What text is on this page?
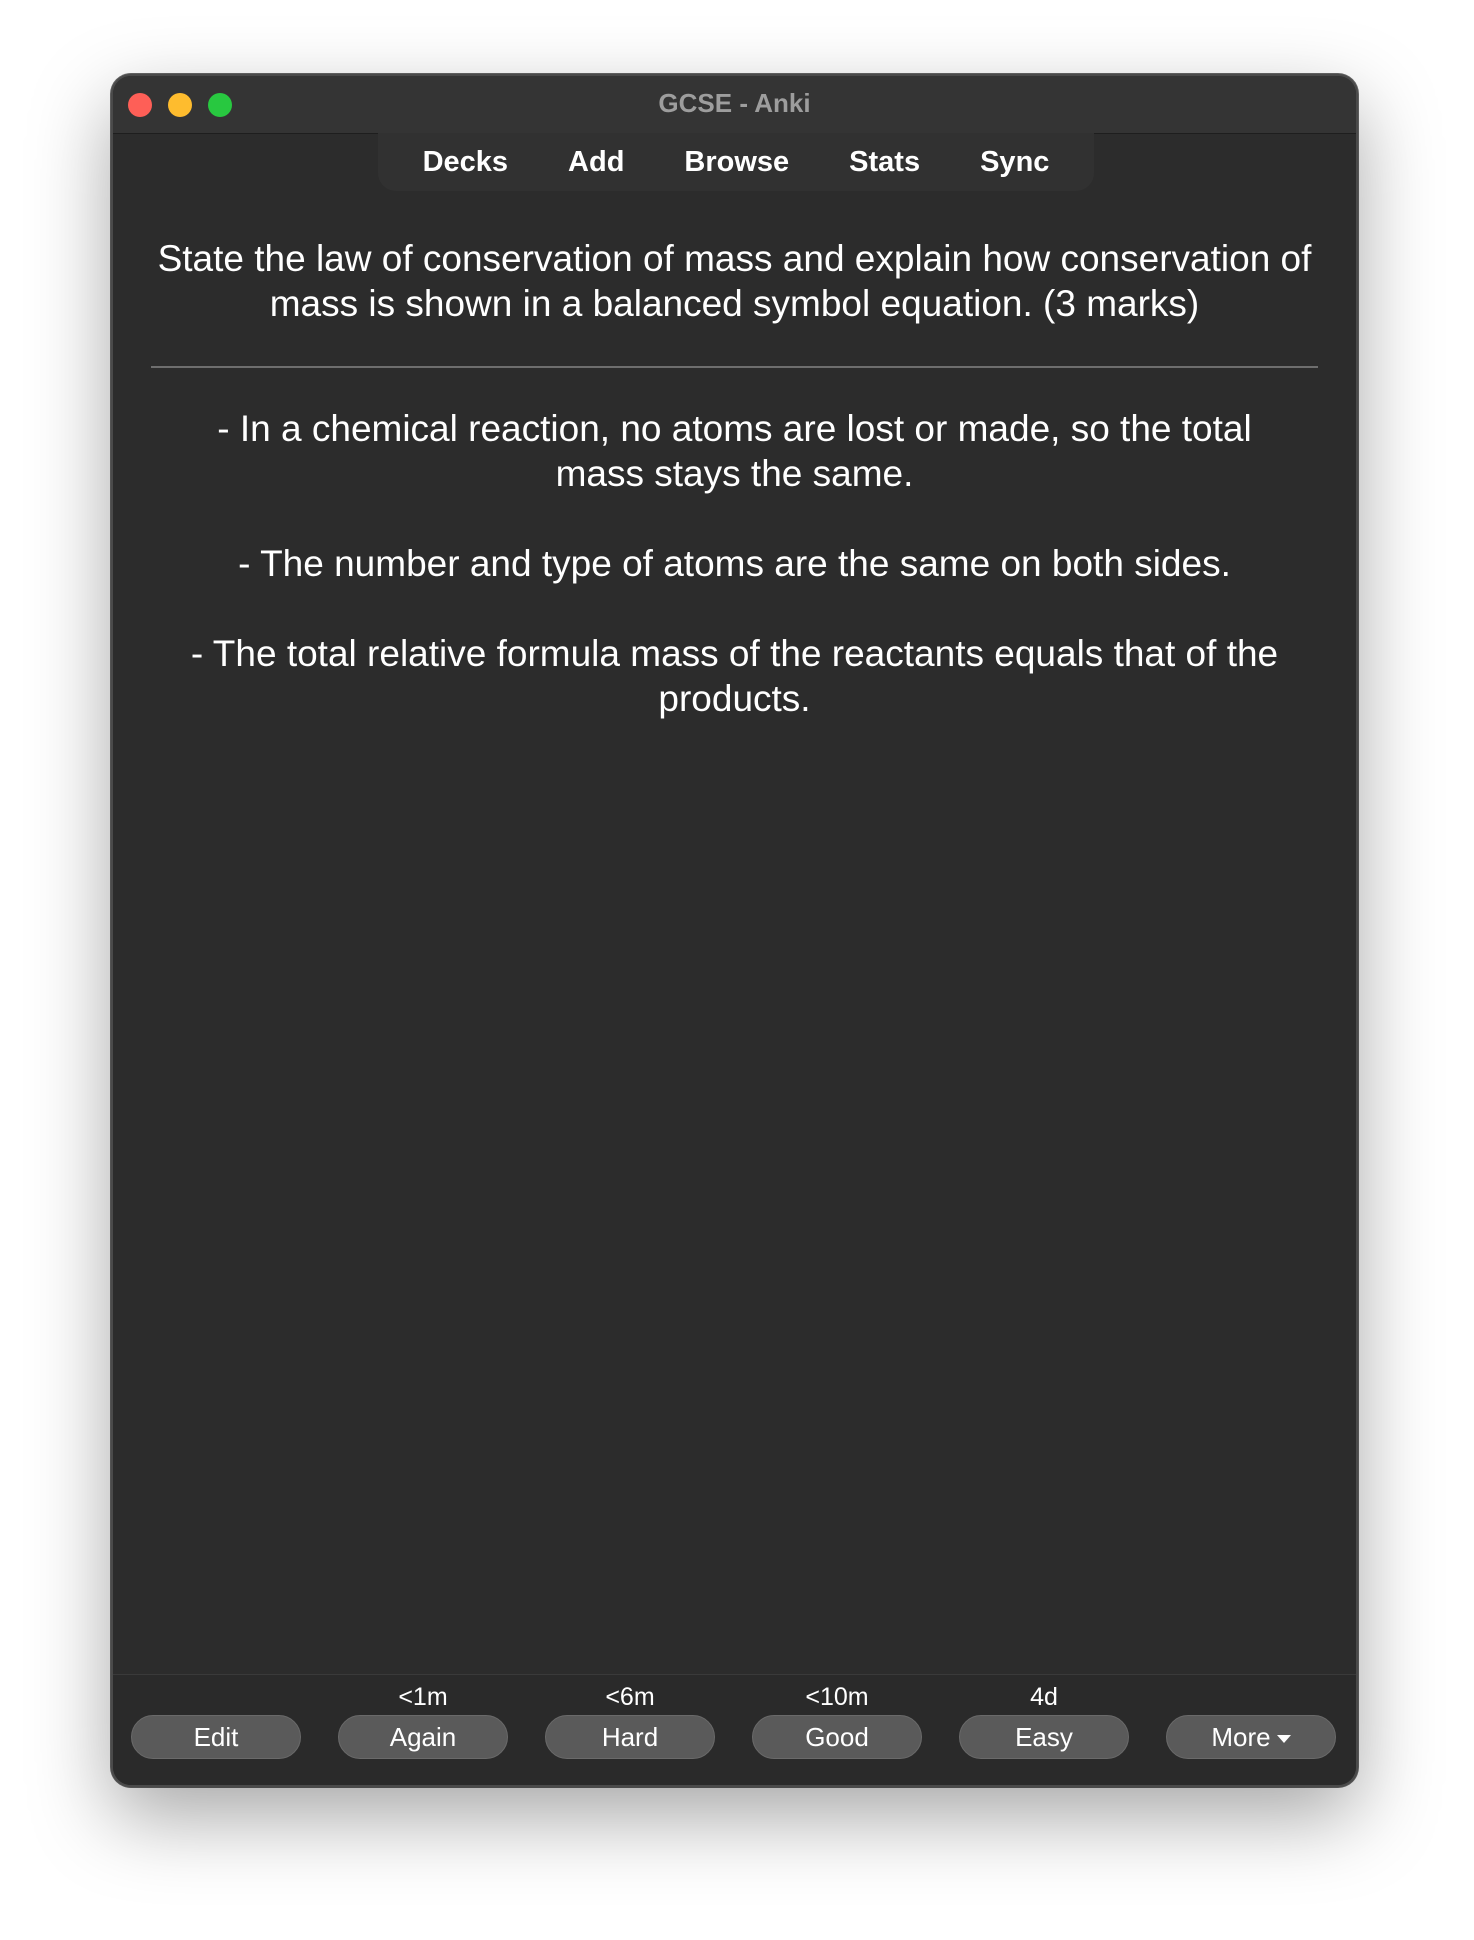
GCSE - Anki
Decks	Add	Browse	Stats	Sync
State the law of conservation of mass and explain how conservation of mass is shown in a balanced symbol equation. (3 marks)
- In a chemical reaction, no atoms are lost or made, so the total mass stays the same.
- The number and type of atoms are the same on both sides.
- The total relative formula mass of the reactants equals that of the products.
Edit
<1m
Again
<6m
Hard
<10m
Good
4d
Easy	More
